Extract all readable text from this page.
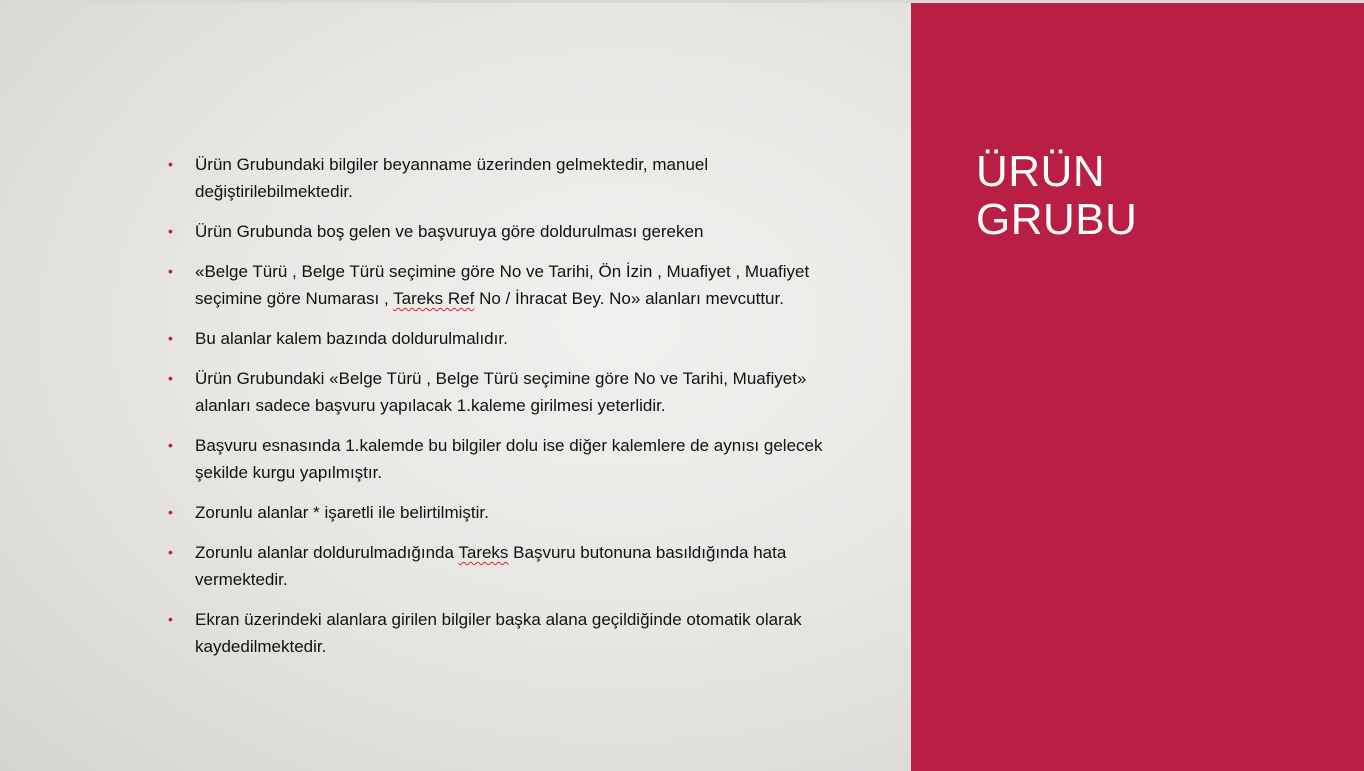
ÜRÜN
GRUBU
• Ürün Grubundaki bilgiler beyanname üzerinden gelmektedir, manuel değiştirilebilmektedir.
• Ürün Grubunda boş gelen ve başvuruya göre doldurulması gereken
• «Belge Türü , Belge Türü seçimine göre No ve Tarihi, Ön İzin , Muafiyet , Muafiyet seçimine göre Numarası , Tareks Ref No / İhracat Bey. No» alanları mevcuttur.
• Bu alanlar kalem bazında doldurulmalıdır.
• Ürün Grubundaki «Belge Türü , Belge Türü seçimine göre No ve Tarihi, Muafiyet» alanları sadece başvuru yapılacak 1.kaleme girilmesi yeterlidir.
• Başvuru esnasında 1.kalemde bu bilgiler dolu ise diğer kalemlere de aynısı gelecek şekilde kurgu yapılmıştır.
• Zorunlu alanlar * işaretli ile belirtilmiştir.
• Zorunlu alanlar doldurulmadığında Tareks Başvuru butonuna basıldığında hata vermektedir.
• Ekran üzerindeki alanlara girilen bilgiler başka alana geçildiğinde otomatik olarak kaydedilmektedir.
